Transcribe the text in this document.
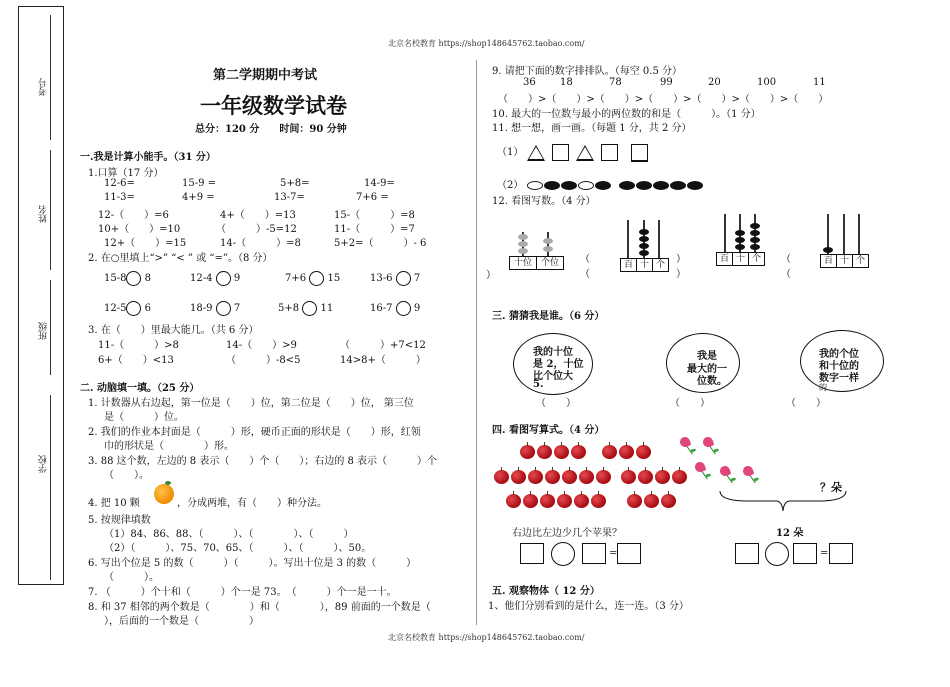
北京名校教育 https://shop148645762.taobao.com/
北京名校教育 https://shop148645762.taobao.com/
考号
姓名
班级
学校
第二学期期中考试
一年级数学试卷
总分：120 分　　时间：90 分钟
一.我是计算小能手。（31 分）
1.口算（17 分）
12-6=	15-9 =	5+8=	14-9=
11-3=	4+9 =	13-7=	7+6 =
12-（　　）=6	4+（　　）=13	15-（　　　）=8
10+（　　）=10	（　　　）-5=12	11-（　　　）=7
12+（　　）=15	14-（　　　）=8	5+2=（　　　）- 6
2. 在○里填上“>” “< ” 或 “=”。（8 分）
15-8 8	12-4 9	7+6 15	13-6 7
12-5 6	18-9 7	5+8 11	16-7 9
3. 在（　　）里最大能几。（共 6 分）
11-（　　　）>8	14-（　　）>9	（　　　）+7<12
6+（　　）<13	（　　　）-8<5	14>8+（　　　）
二. 动脑填一填。（25 分）
1. 计数器从右边起，第一位是（　　）位，第二位是（　　）位， 第三位
是（　　　）位。
2. 我们的作业本封面是（　　　）形，硬币正面的形状是（　　）形，红领
巾的形状是（　　　　）形。
3. 88 这个数，左边的 8 表示（　　）个（　　）；右边的 8 表示（　　　）个
（　　）。
4. 把 10 颗	，分成两堆，有（　　）种分法。
5. 按规律填数
（1）84、86、88、（　　　）、（　　　　）、（　　　）
（2）（　　　）、75、70、65、（　　　）、（　　　）、50。
6. 写出个位是 5 的数（　　　）（　　　）。写出十位是 3 的数（　　　）
（　　　）。
7. （　　　）个十和（　　　）个一是 73。　（　　　）个一是一十。
8. 和 37 相邻的两个数是（　　　　）和（　　　　），89 前面的一个数是（
），后面的一个数是（　　　　　）
9. 请把下面的数字排排队。（每空 0.5 分）
36 18	78	99	20	100	11
（　　）>（　　）>（　　）>（　　）>（　　）>（　　）>（　　）
10. 最大的一位数与最小的两位数的和是（　　　）。（1 分）
11. 想一想，画一画。（每题 1 分，共 2 分）
（1）
（2）
12. 看图写数。（4 分）
十位 个位
）
（
（
百 十 个	）
）
百 十 个	（
（
百 十 个
三. 猜猜我是谁。（6 分）
我的十位
是 2，十位
比个位大
5.
（　　 ）
我是
最大的一
位数。
（　　 ）
我的个位
和十位的
数字一样
的
（　　 ）
四. 看图写算式。（4 分）
？朵
12 朵
右边比左边少几个苹果？
=	=
五. 观察物体（ 12 分）
1、他们分别看到的是什么，连一连。（3 分）
